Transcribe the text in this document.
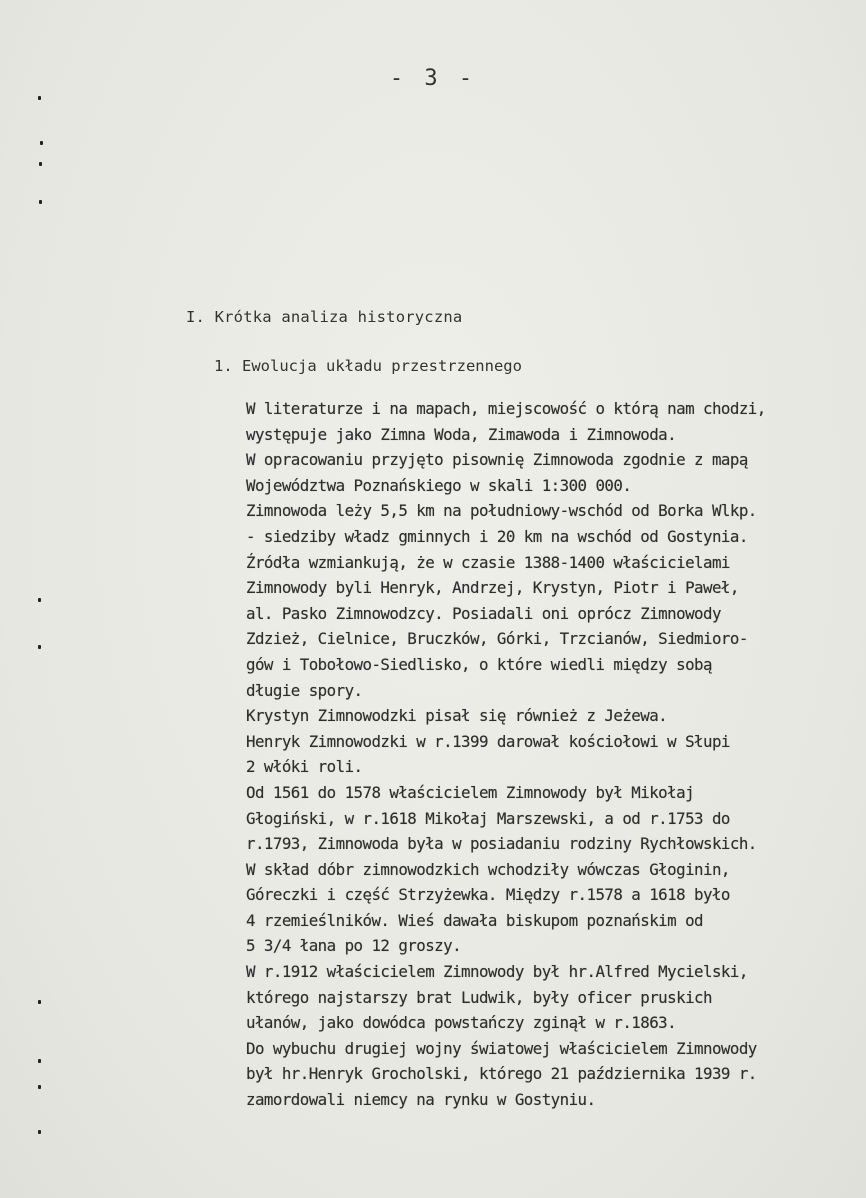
- 3 -
I. Krótka analiza historyczna
1. Ewolucja układu przestrzennego
W literaturze i na mapach, miejscowość o którą nam chodzi,
występuje jako Zimna Woda, Zimawoda i Zimnowoda.
W opracowaniu przyjęto pisownię Zimnowoda zgodnie z mapą
Województwa Poznańskiego w skali 1:300 000.
Zimnowoda leży 5,5 km na południowy-wschód od Borka Wlkp.
- siedziby władz gminnych i 20 km na wschód od Gostynia.
Źródła wzmiankują, że w czasie 1388-1400 właścicielami
Zimnowody byli Henryk, Andrzej, Krystyn, Piotr i Paweł,
al. Pasko Zimnowodzcy. Posiadali oni oprócz Zimnowody
Zdzież, Cielnice, Bruczków, Górki, Trzcianów, Siedmioro-
gów i Tobołowo-Siedlisko, o które wiedli między sobą
długie spory.
Krystyn Zimnowodzki pisał się również z Jeżewa.
Henryk Zimnowodzki w r.1399 darował kościołowi w Słupi
2 włóki roli.
Od 1561 do 1578 właścicielem Zimnowody był Mikołaj
Głogiński, w r.1618 Mikołaj Marszewski, a od r.1753 do
r.1793, Zimnowoda była w posiadaniu rodziny Rychłowskich.
W skład dóbr zimnowodzkich wchodziły wówczas Głoginin,
Góreczki i część Strzyżewka. Między r.1578 a 1618 było
4 rzemieślników. Wieś dawała biskupom poznańskim od
5 3/4 łana po 12 groszy.
W r.1912 właścicielem Zimnowody był hr.Alfred Mycielski,
którego najstarszy brat Ludwik, były oficer pruskich
ułanów, jako dowódca powstańczy zginął w r.1863.
Do wybuchu drugiej wojny światowej właścicielem Zimnowody
był hr.Henryk Grocholski, którego 21 października 1939 r.
zamordowali niemcy na rynku w Gostyniu.
